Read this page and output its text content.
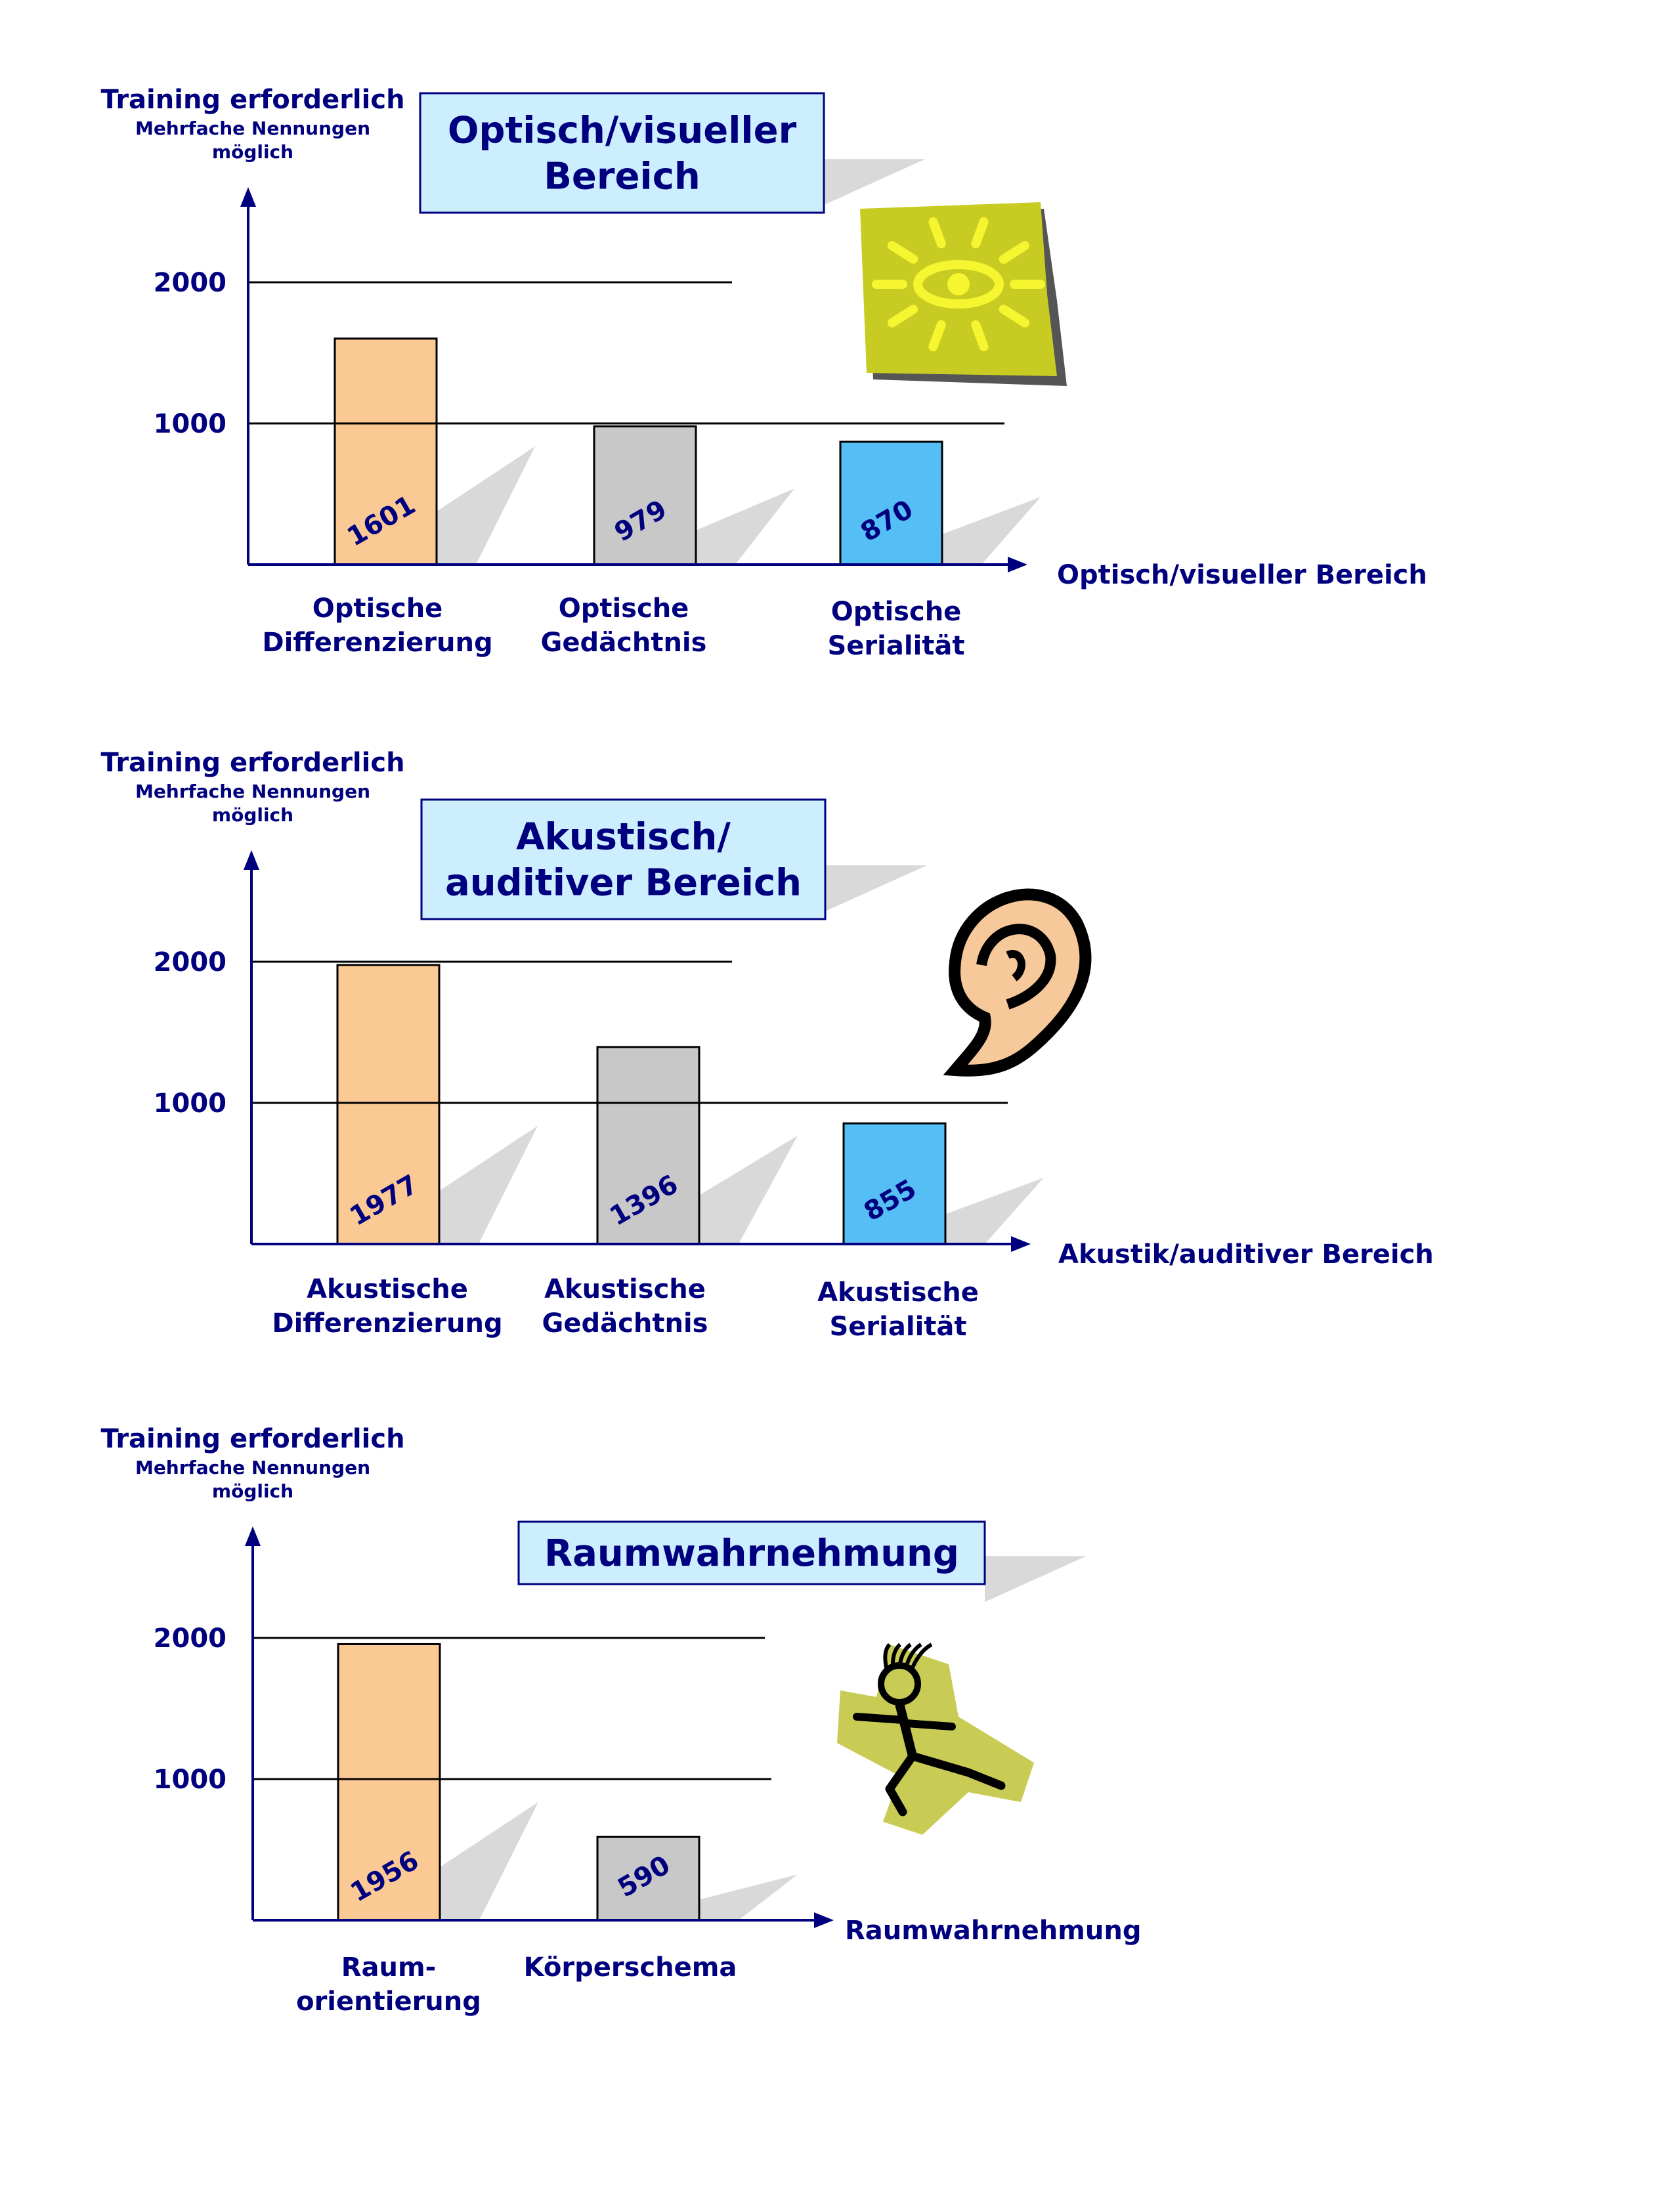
Training erforderlich
Mehrfache Nennungen möglich	Optisch/visueller Bereich
1000
2000
1601	979	870
Optisch/visueller Bereich
Optische Differenzierung
Optische Gedächtnis
Optische Serialität
Training erforderlich
Mehrfache Nennungen möglich
Akustisch/ auditiver Bereich
1000
2000
1977	1396	855
Akustik/auditiver Bereich
Akustische Differenzierung
Akustische Gedächtnis
Akustische Serialität
Training erforderlich
Mehrfache Nennungen möglich
Raumwahrnehmung
1000
2000
1956	590
Raumwahrnehmung
Raum-orientierung
Körperschema
